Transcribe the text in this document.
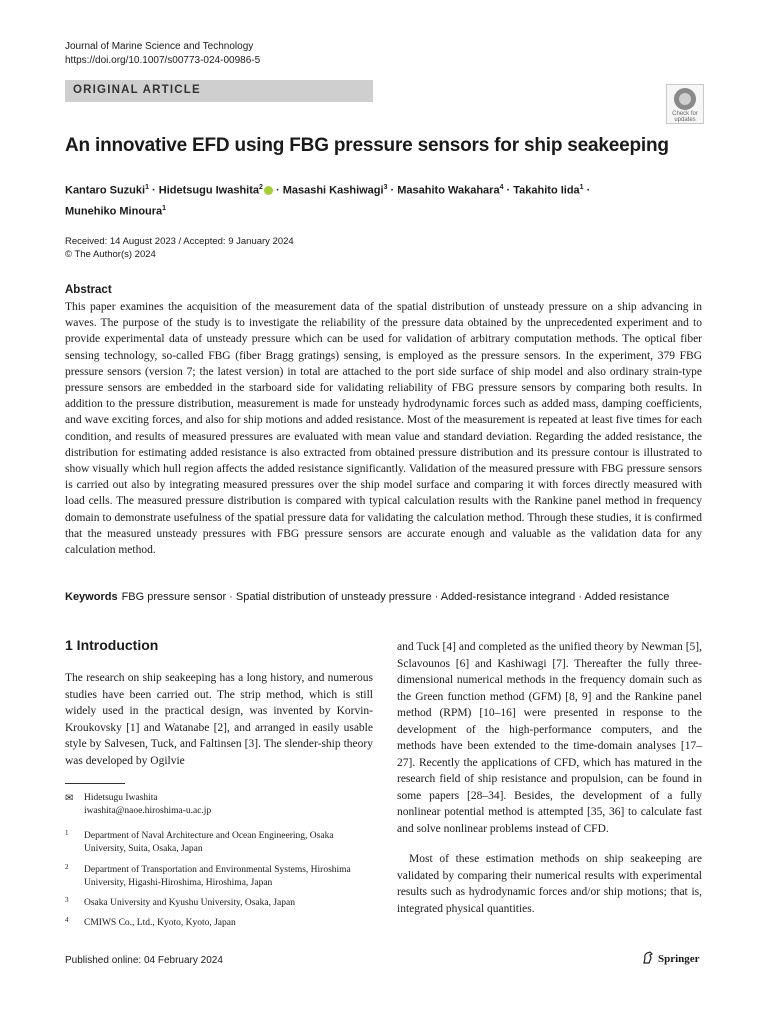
Journal of Marine Science and Technology
https://doi.org/10.1007/s00773-024-00986-5
ORIGINAL ARTICLE
Check for
updates
An innovative EFD using FBG pressure sensors for ship seakeeping
Kantaro Suzuki$^1$ · Hidetsugu Iwashita$^2$ · Masashi Kashiwagi$^3$ · Masahito Wakahara$^4$ · Takahito Iida$^1$ ·
Munehiko Minoura$^1$
Received: 14 August 2023 / Accepted: 9 January 2024
© The Author(s) 2024
Abstract

This paper examines the acquisition of the measurement data of the spatial distribution of unsteady pressure on a ship advancing in waves. The purpose of the study is to investigate the reliability of the pressure data obtained by the unprecedented experiment and to provide experimental data of unsteady pressure which can be used for validation of arbitrary computation methods. The optical fiber sensing technology, so-called FBG (fiber Bragg gratings) sensing, is employed as the pressure sensors. In the experiment, 379 FBG pressure sensors (version 7; the latest version) in total are attached to the port side surface of ship model and also ordinary strain-type pressure sensors are embedded in the starboard side for validating reliability of FBG pressure sensors by comparing both results. In addition to the pressure distribution, measurement is made for unsteady hydrodynamic forces such as added mass, damping coefficients, and wave exciting forces, and also for ship motions and added resistance. Most of the measurement is repeated at least five times for each condition, and results of measured pressures are evaluated with mean value and standard deviation. Regarding the added resistance, the distribution for estimating added resistance is also extracted from obtained pressure distribution and its pressure contour is illustrated to show visually which hull region affects the added resistance significantly. Validation of the measured pressure with FBG pressure sensors is carried out also by integrating measured pressures over the ship model surface and comparing it with forces directly measured with load cells. The measured pressure distribution is compared with typical calculation results with the Rankine panel method in frequency domain to demonstrate usefulness of the spatial pressure data for validating the calculation method. Through these studies, it is confirmed that the measured unsteady pressures with FBG pressure sensors are accurate enough and valuable as the validation data for any calculation method.

Keywords FBG pressure sensor · Spatial distribution of unsteady pressure · Added-resistance integrand · Added resistance
1 Introduction

The research on ship seakeeping has a long history, and numerous studies have been carried out. The strip method, which is still widely used in the practical design, was invented by Korvin-Kroukovsky [1] and Watanabe [2], and arranged in easily usable style by Salvesen, Tuck, and Faltinsen [3]. The slender-ship theory was developed by Ogilvie

✉ Hidetsugu Iwashita
iwashita@naoe.hiroshima-u.ac.jp
1 Department of Naval Architecture and Ocean Engineering, Osaka University, Suita, Osaka, Japan
2 Department of Transportation and Environmental Systems, Hiroshima University, Higashi-Hiroshima, Hiroshima, Japan
3 Osaka University and Kyushu University, Osaka, Japan
4 CMIWS Co., Ltd., Kyoto, Kyoto, Japan

and Tuck [4] and completed as the unified theory by Newman [5], Sclavounos [6] and Kashiwagi [7]. Thereafter the fully three-dimensional numerical methods in the frequency domain such as the Green function method (GFM) [8, 9] and the Rankine panel method (RPM) [10–16] were presented in response to the development of the high-performance computers, and the methods have been extended to the time-domain analyses [17–27]. Recently the applications of CFD, which has matured in the research field of ship resistance and propulsion, can be found in some papers [28–34]. Besides, the development of a fully nonlinear potential method is attempted [35, 36] to calculate fast and solve nonlinear problems instead of CFD.

Most of these estimation methods on ship seakeeping are validated by comparing their numerical results with experimental results such as hydrodynamic forces and/or ship motions; that is, integrated physical quantities.

Published online: 04 February 2024	Springer
